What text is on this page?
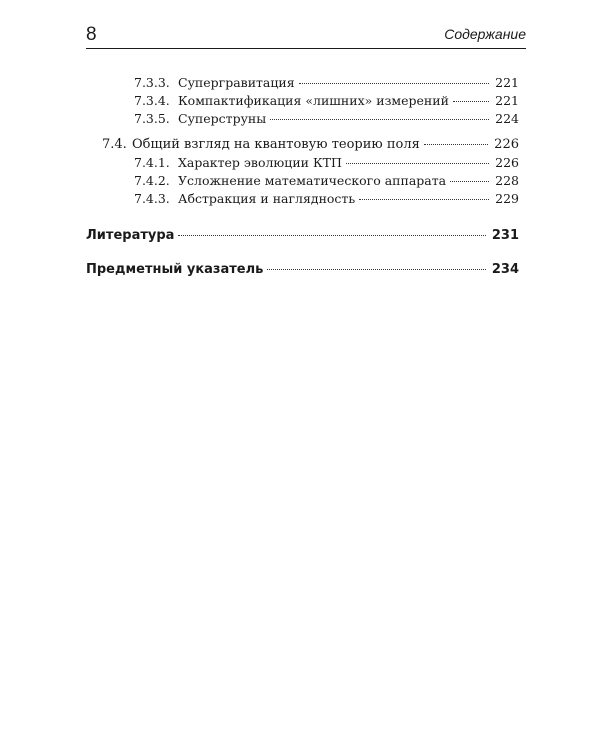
8	Содержание
7.3.3. Супергравитация	221
7.3.4. Компактификация «лишних» измерений	221
7.3.5. Суперструны	224
7.4. Общий взгляд на квантовую теорию поля	226
7.4.1. Характер эволюции КТП	226
7.4.2. Усложнение математического аппарата	228
7.4.3. Абстракция и наглядность	229
Литература	231
Предметный указатель	234
